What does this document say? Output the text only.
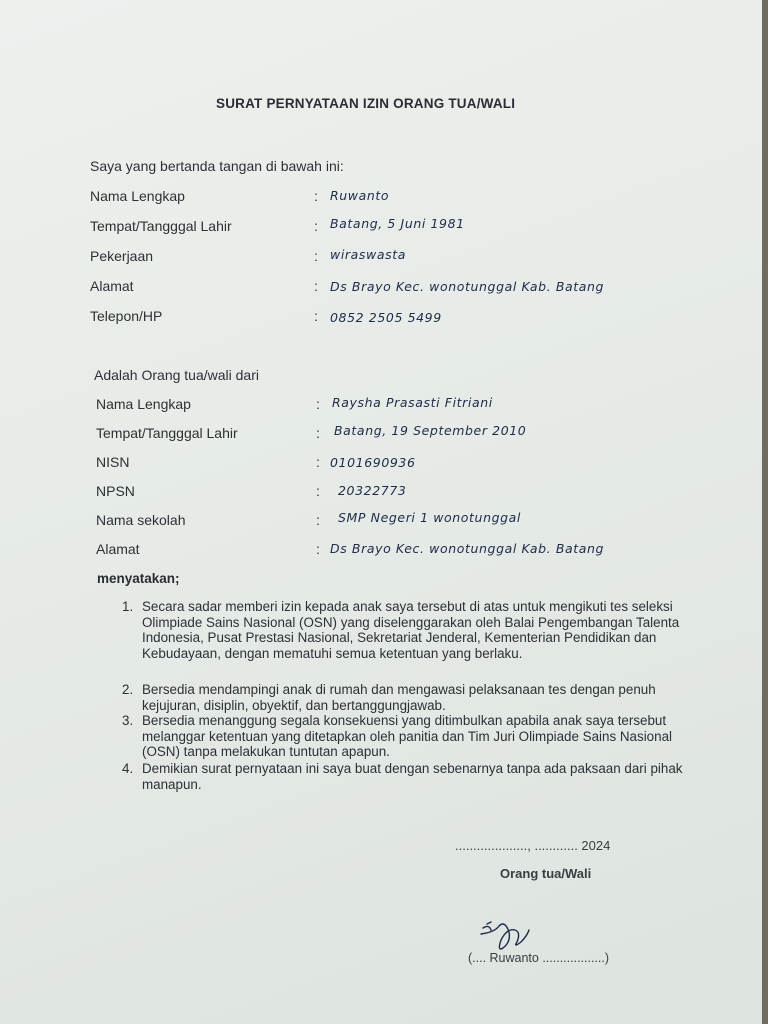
SURAT PERNYATAAN IZIN ORANG TUA/WALI
Saya yang bertanda tangan di bawah ini:
Nama Lengkap	: Ruwanto
Tempat/Tangggal Lahir	: Batang, 5 Juni 1981
Pekerjaan	: wiraswasta
Alamat	: Ds Brayo Kec. wonotunggal Kab. Batang
Telepon/HP	: 0852 2505 5499
Adalah Orang tua/wali dari
Nama Lengkap	: Raysha Prasasti Fitriani
Tempat/Tangggal Lahir	: Batang, 19 September 2010
NISN	: 0101690936
NPSN	: 20322773
Nama sekolah	: SMP Negeri 1 wonotunggal
Alamat	: Ds Brayo Kec. wonotunggal Kab. Batang
menyatakan;
1. Secara sadar memberi izin kepada anak saya tersebut di atas untuk mengikuti tes seleksi Olimpiade Sains Nasional (OSN) yang diselenggarakan oleh Balai Pengembangan Talenta Indonesia, Pusat Prestasi Nasional, Sekretariat Jenderal, Kementerian Pendidikan dan Kebudayaan, dengan mematuhi semua ketentuan yang berlaku.
2. Bersedia mendampingi anak di rumah dan mengawasi pelaksanaan tes dengan penuh kejujuran, disiplin, obyektif, dan bertanggungjawab.
3. Bersedia menanggung segala konsekuensi yang ditimbulkan apabila anak saya tersebut melanggar ketentuan yang ditetapkan oleh panitia dan Tim Juri Olimpiade Sains Nasional (OSN) tanpa melakukan tuntutan apapun.
4. Demikian surat pernyataan ini saya buat dengan sebenarnya tanpa ada paksaan dari pihak manapun.
...................., ............ 2024
Orang tua/Wali
(.... Ruwanto ..................)
